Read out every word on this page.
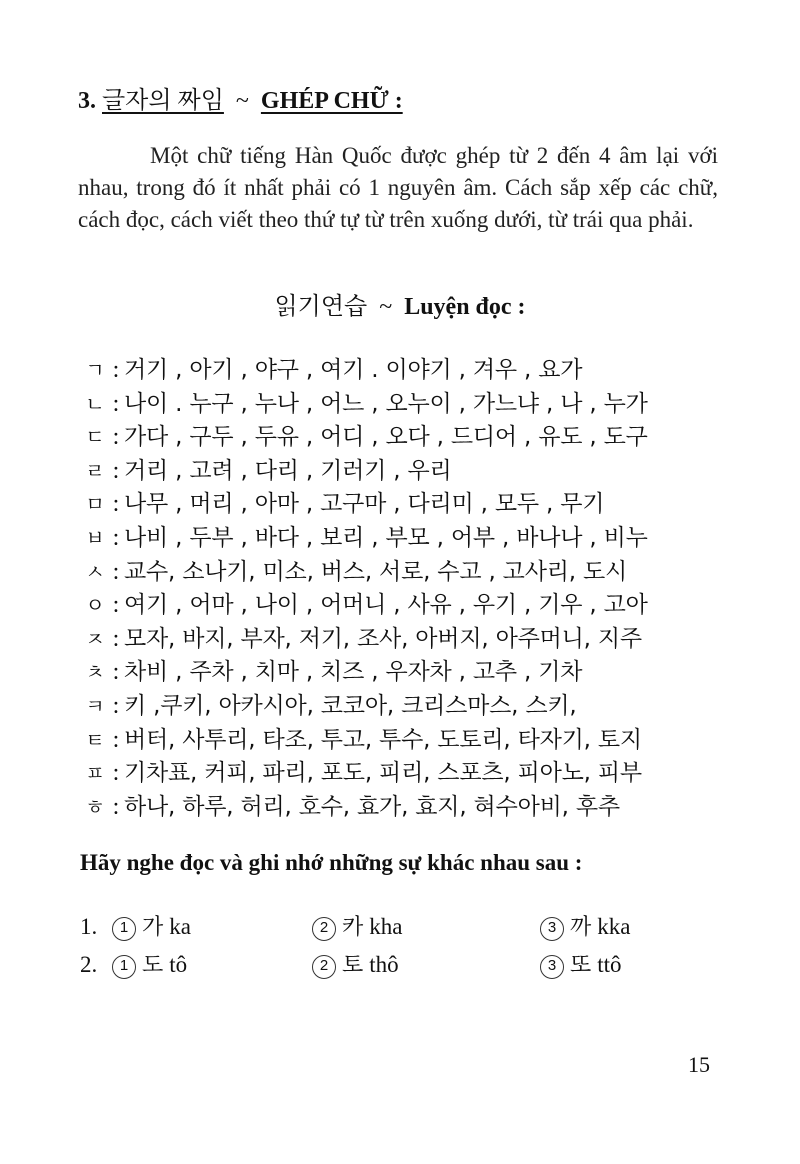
3. 글자의 짜임 ~ GHÉP CHỮ :
Một chữ tiếng Hàn Quốc được ghép từ 2 đến 4 âm lại với nhau, trong đó ít nhất phải có 1 nguyên âm. Cách sắp xếp các chữ, cách đọc, cách viết theo thứ tự từ trên xuống dưới, từ trái qua phải.
읽기연습 ~ Luyện đọc :
ㄱ : 거기 , 아기 , 야구 , 여기 . 이야기 , 겨우 , 요가
ㄴ : 나이 . 누구 , 누나 , 어느 , 오누이 , 가느냐 , 나 , 누가
ㄷ : 가다 , 구두 , 두유 , 어디 , 오다 , 드디어 , 유도 , 도구
ㄹ : 거리 , 고려 , 다리 , 기러기 , 우리
ㅁ : 나무 , 머리 , 아마 , 고구마 , 다리미 , 모두 , 무기
ㅂ : 나비 , 두부 , 바다 , 보리 , 부모 , 어부 , 바나나 , 비누
ㅅ : 교수, 소나기, 미소, 버스, 서로, 수고 , 고사리, 도시
ㅇ : 여기 , 어마 , 나이 , 어머니 , 사유 , 우기 , 기우 , 고아
ㅈ : 모자, 바지, 부자, 저기, 조사, 아버지, 아주머니, 지주
ㅊ : 차비 , 주차 , 치마 , 치즈 , 우자차 , 고추 , 기차
ㅋ : 키 ,쿠키, 아카시아, 코코아, 크리스마스, 스키,
ㅌ : 버터, 사투리, 타조, 투고, 투수, 도토리, 타자기, 토지
ㅍ : 기차표, 커피, 파리, 포도, 피리, 스포츠, 피아노, 피부
ㅎ : 하나, 하루, 허리, 호수, 효가, 효지, 혀수아비, 후추
Hãy nghe đọc và ghi nhớ những sự khác nhau sau :
1.	1 가 ka	2 카 kha	3 까 kka
2.	1 도 tô	2 토 thô	3 또 ttô
15
